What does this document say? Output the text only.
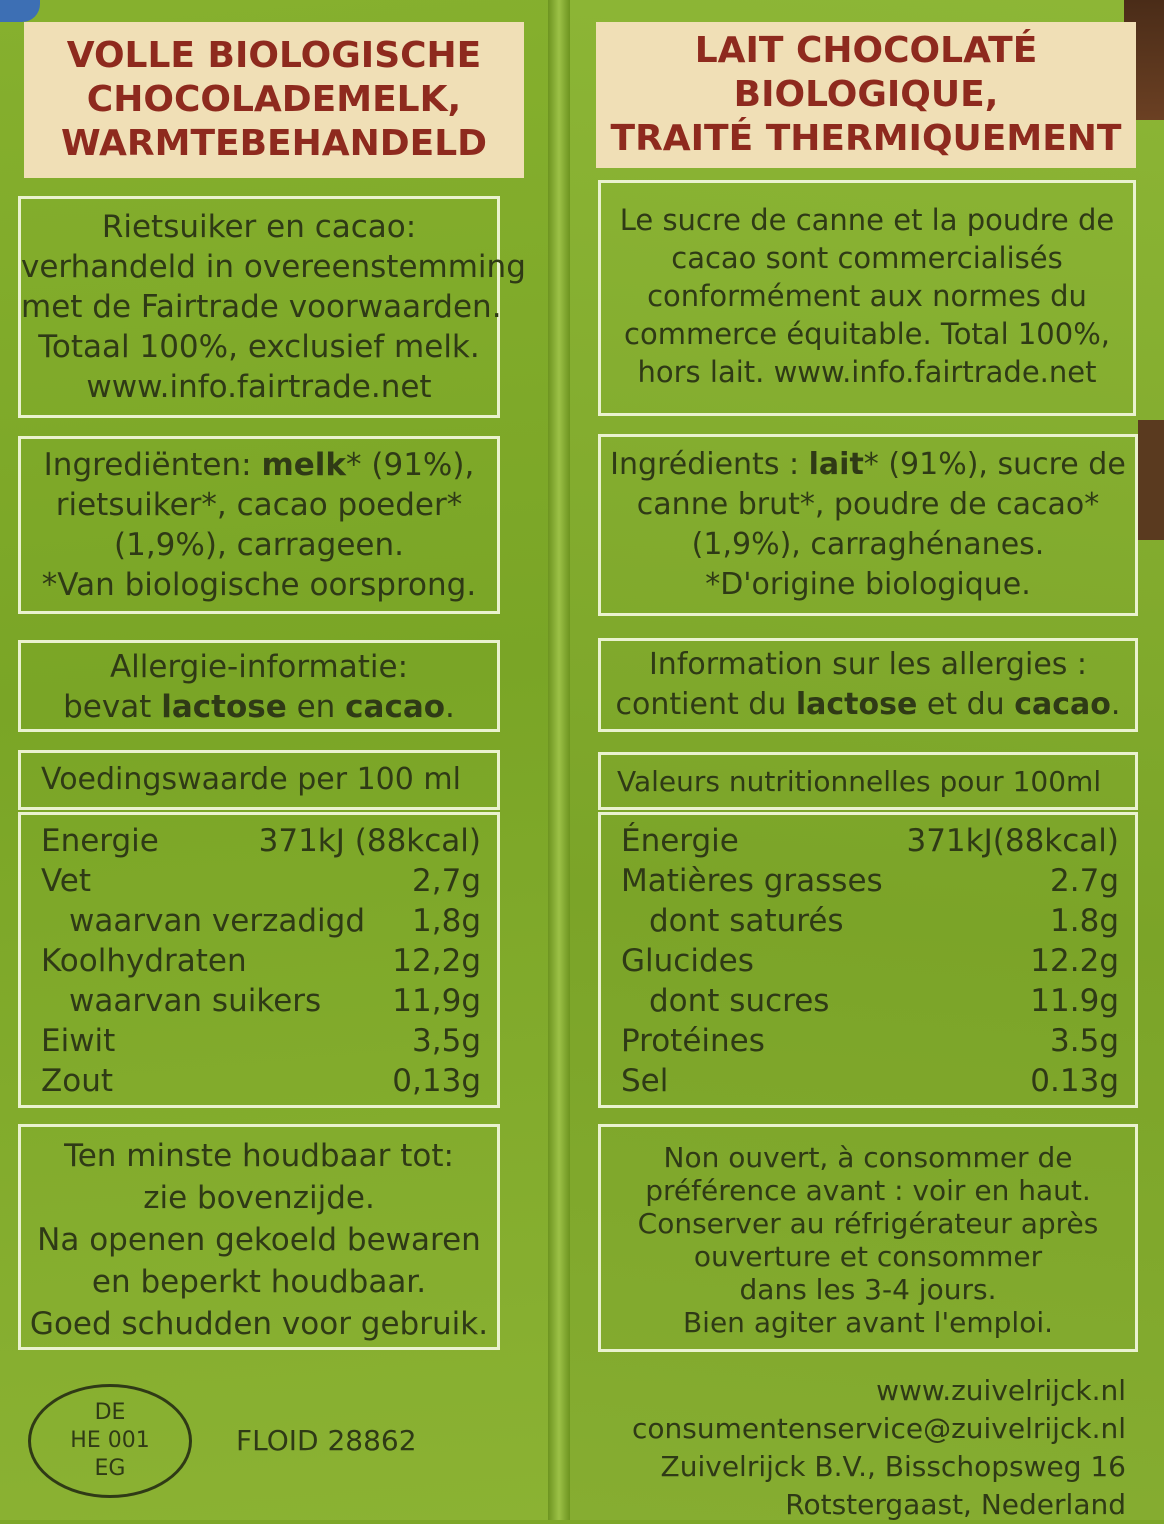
VOLLE BIOLOGISCHE
CHOCOLADEMELK,
WARMTEBEHANDELD
Rietsuiker en cacao:
verhandeld in overeenstemming
met de Fairtrade voorwaarden.
Totaal 100%, exclusief melk.
www.info.fairtrade.net
Ingrediënten: melk* (91%),
rietsuiker*, cacao poeder*
(1,9%), carrageen.
*Van biologische oorsprong.
Allergie-informatie:
bevat lactose en cacao.
Voedingswaarde per 100 ml
Energie	371kJ (88kcal)
Vet	2,7g
waarvan verzadigd 1,8g
Koolhydraten	12,2g
waarvan suikers 11,9g
Eiwit	3,5g
Zout	0,13g
Ten minste houdbaar tot:
zie bovenzijde.
Na openen gekoeld bewaren
en beperkt houdbaar.
Goed schudden voor gebruik.
DE
HE 001
EG
FLOID 28862
LAIT CHOCOLATÉ
BIOLOGIQUE,
TRAITÉ THERMIQUEMENT
Le sucre de canne et la poudre de
cacao sont commercialisés
conformément aux normes du
commerce équitable. Total 100%,
hors lait. www.info.fairtrade.net
Ingrédients : lait* (91%), sucre de
canne brut*, poudre de cacao*
(1,9%), carraghénanes.
*D'origine biologique.
Information sur les allergies :
contient du lactose et du cacao.
Valeurs nutritionnelles pour 100ml
Énergie	371kJ(88kcal)
Matières grasses	2.7g
dont saturés	1.8g
Glucides	12.2g
dont sucres	11.9g
Protéines	3.5g
Sel	0.13g
Non ouvert, à consommer de
préférence avant : voir en haut.
Conserver au réfrigérateur après
ouverture et consommer
dans les 3-4 jours.
Bien agiter avant l'emploi.
www.zuivelrijck.nl
consumentenservice@zuivelrijck.nl
Zuivelrijck B.V., Bisschopsweg 16
Rotstergaast, Nederland
